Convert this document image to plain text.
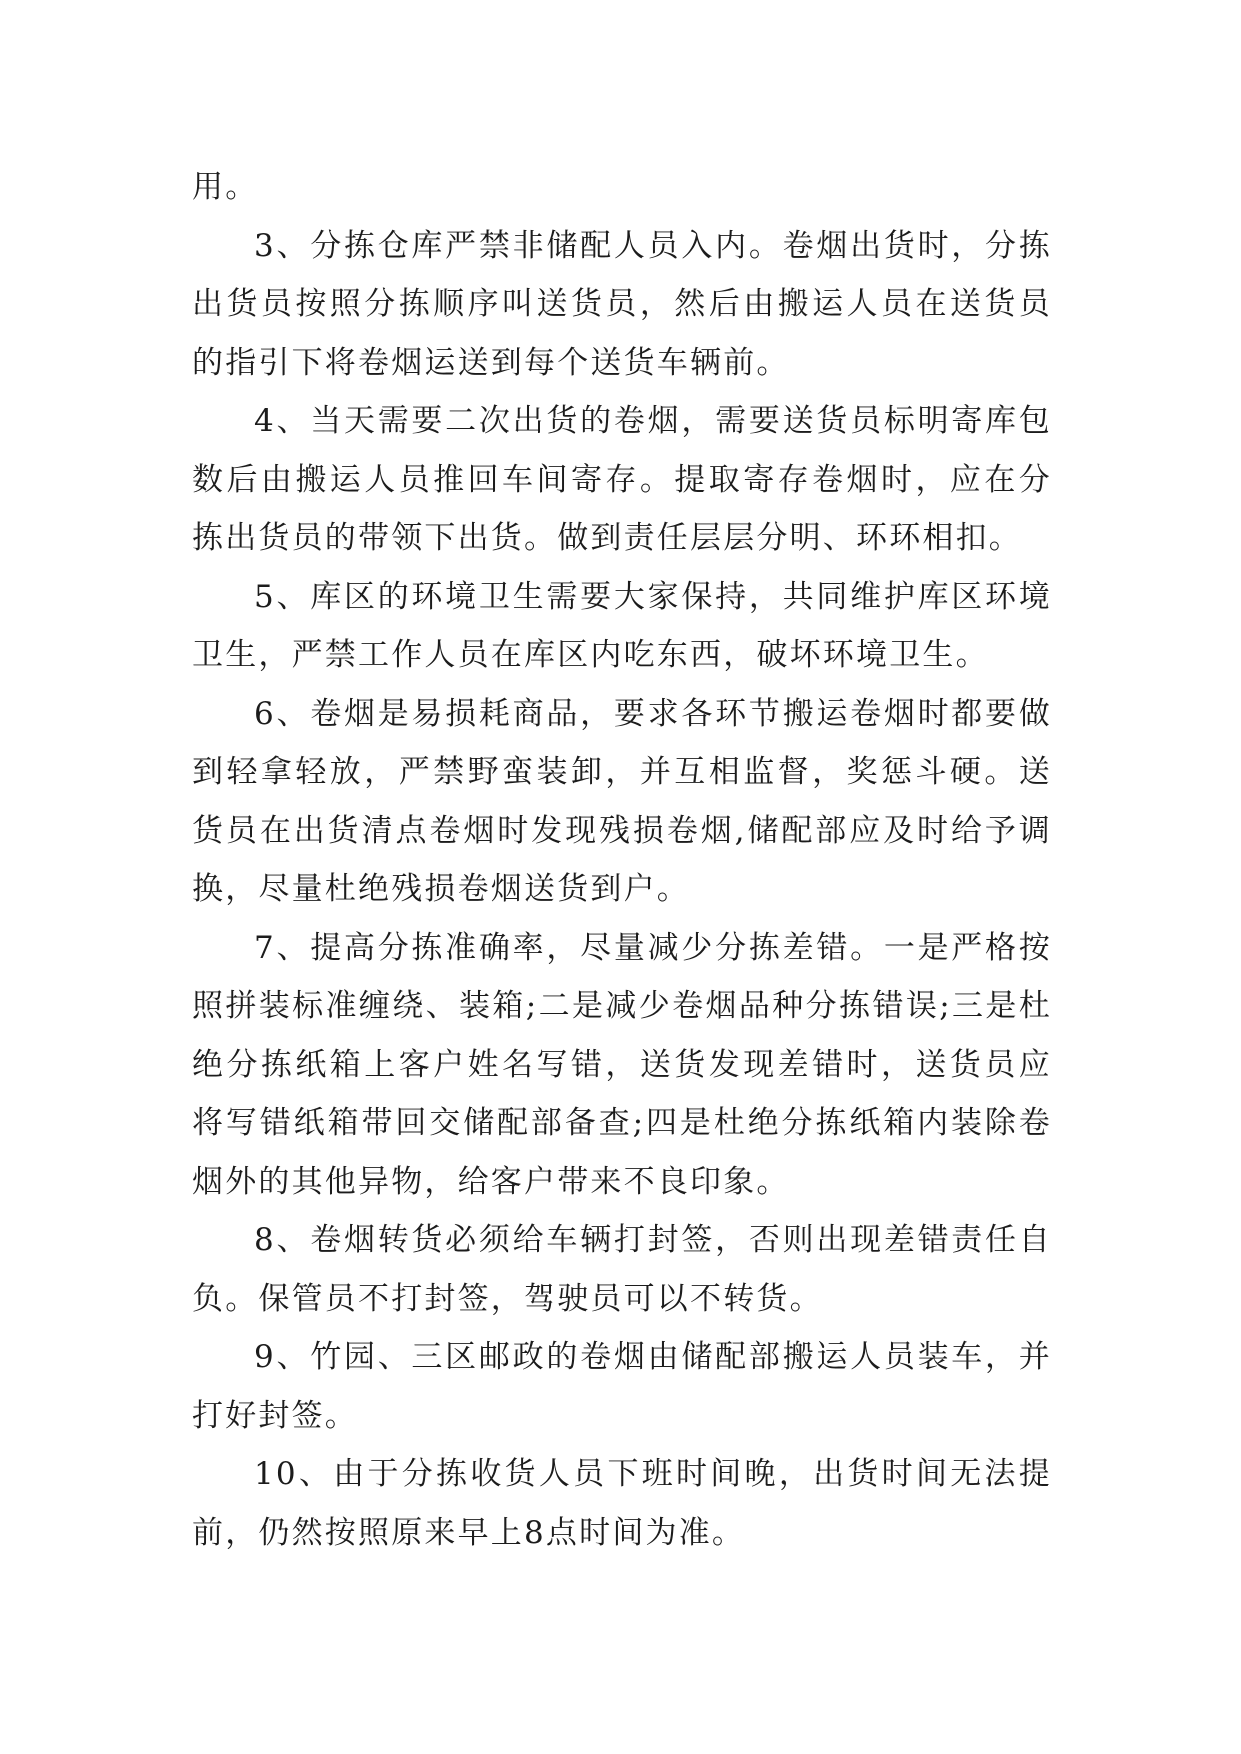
用。

3、分拣仓库严禁非储配人员入内。卷烟出货时，分拣出货员按照分拣顺序叫送货员，然后由搬运人员在送货员的指引下将卷烟运送到每个送货车辆前。

4、当天需要二次出货的卷烟，需要送货员标明寄库包数后由搬运人员推回车间寄存。提取寄存卷烟时，应在分拣出货员的带领下出货。做到责任层层分明、环环相扣。

5、库区的环境卫生需要大家保持，共同维护库区环境卫生，严禁工作人员在库区内吃东西，破坏环境卫生。

6、卷烟是易损耗商品，要求各环节搬运卷烟时都要做到轻拿轻放，严禁野蛮装卸，并互相监督，奖惩斗硬。送货员在出货清点卷烟时发现残损卷烟,储配部应及时给予调换，尽量杜绝残损卷烟送货到户。

7、提高分拣准确率，尽量减少分拣差错。一是严格按照拼装标准缠绕、装箱;二是减少卷烟品种分拣错误;三是杜绝分拣纸箱上客户姓名写错，送货发现差错时，送货员应将写错纸箱带回交储配部备查;四是杜绝分拣纸箱内装除卷烟外的其他异物，给客户带来不良印象。

8、卷烟转货必须给车辆打封签，否则出现差错责任自负。保管员不打封签，驾驶员可以不转货。

9、竹园、三区邮政的卷烟由储配部搬运人员装车，并打好封签。

10、由于分拣收货人员下班时间晚，出货时间无法提前，仍然按照原来早上8点时间为准。
